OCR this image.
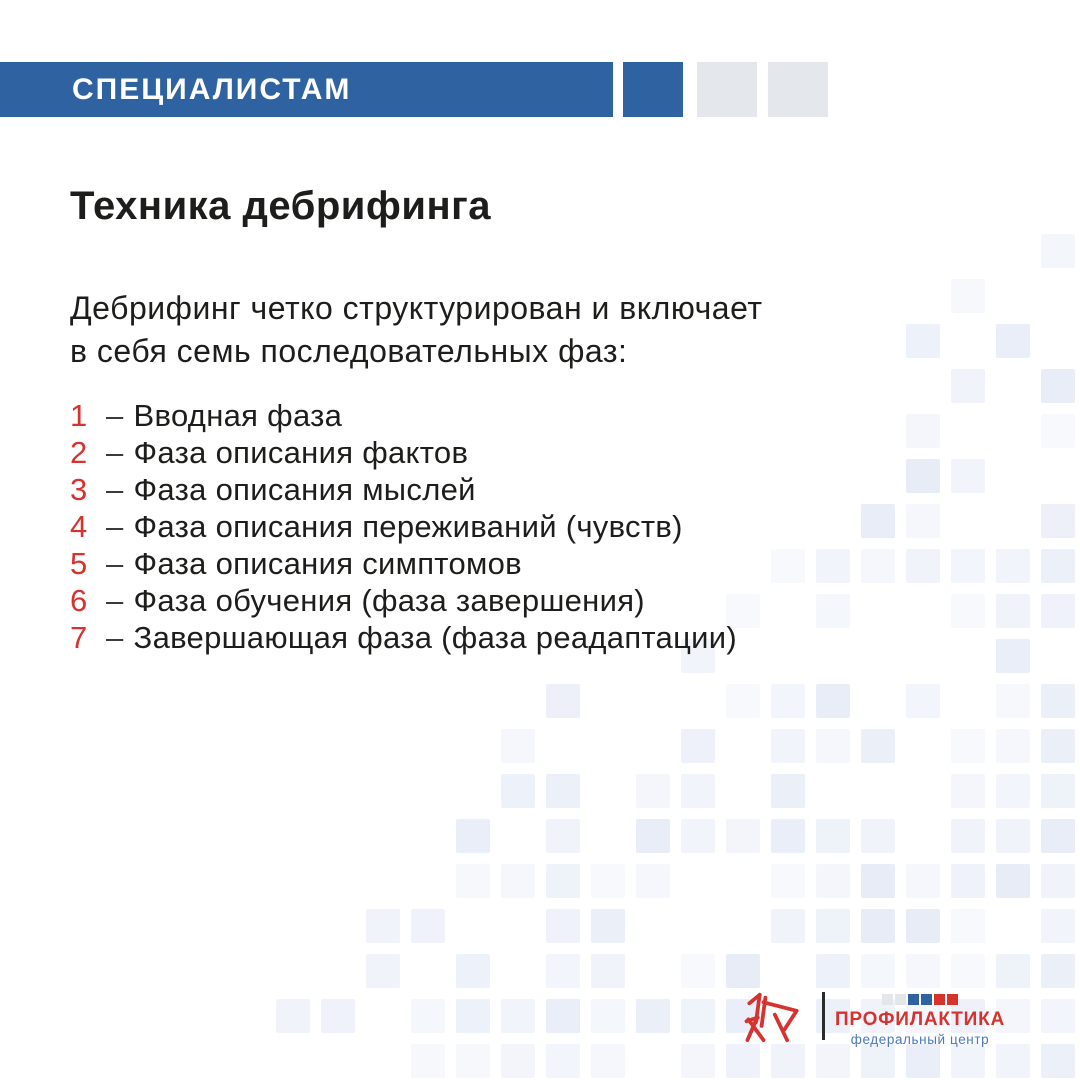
СПЕЦИАЛИСТАМ
Техника дебрифинга
Дебрифинг четко структурирован и включает
в себя семь последовательных фаз:
1 – Вводная фаза
2 – Фаза описания фактов
3 – Фаза описания мыслей
4 – Фаза описания переживаний (чувств)
5 – Фаза описания симптомов
6 – Фаза обучения (фаза завершения)
7 – Завершающая фаза (фаза реадаптации)
ПРОФИЛАКТИКА
федеральный центр
